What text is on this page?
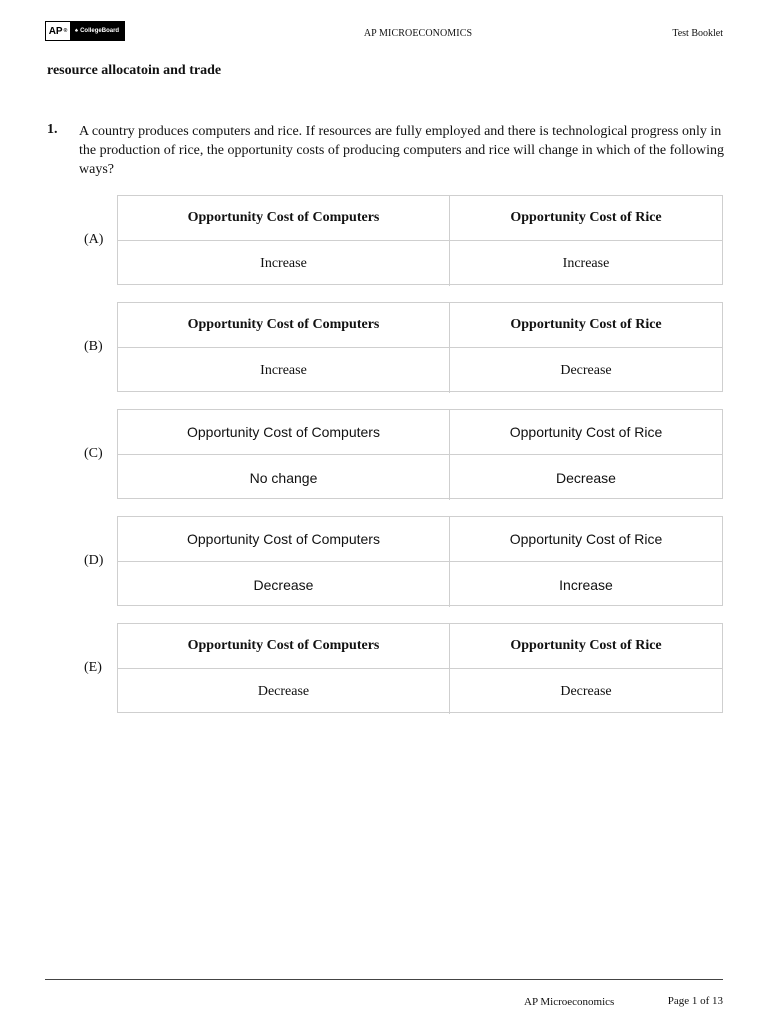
AP ® ♠ CollegeBoard	AP MICROECONOMICS	Test Booklet
resource allocatoin and trade
1. A country produces computers and rice. If resources are fully employed and there is technological progress only in the production of rice, the opportunity costs of producing computers and rice will change in which of the following ways?
(A)
Opportunity Cost of Computers	Opportunity Cost of Rice
Increase	Increase
(B)
Opportunity Cost of Computers	Opportunity Cost of Rice
Increase	Decrease
(C)
Opportunity Cost of Computers	Opportunity Cost of Rice
No change	Decrease
(D)
Opportunity Cost of Computers	Opportunity Cost of Rice
Decrease	Increase
(E)
Opportunity Cost of Computers	Opportunity Cost of Rice
Decrease	Decrease
AP Microeconomics	Page 1 of 13
